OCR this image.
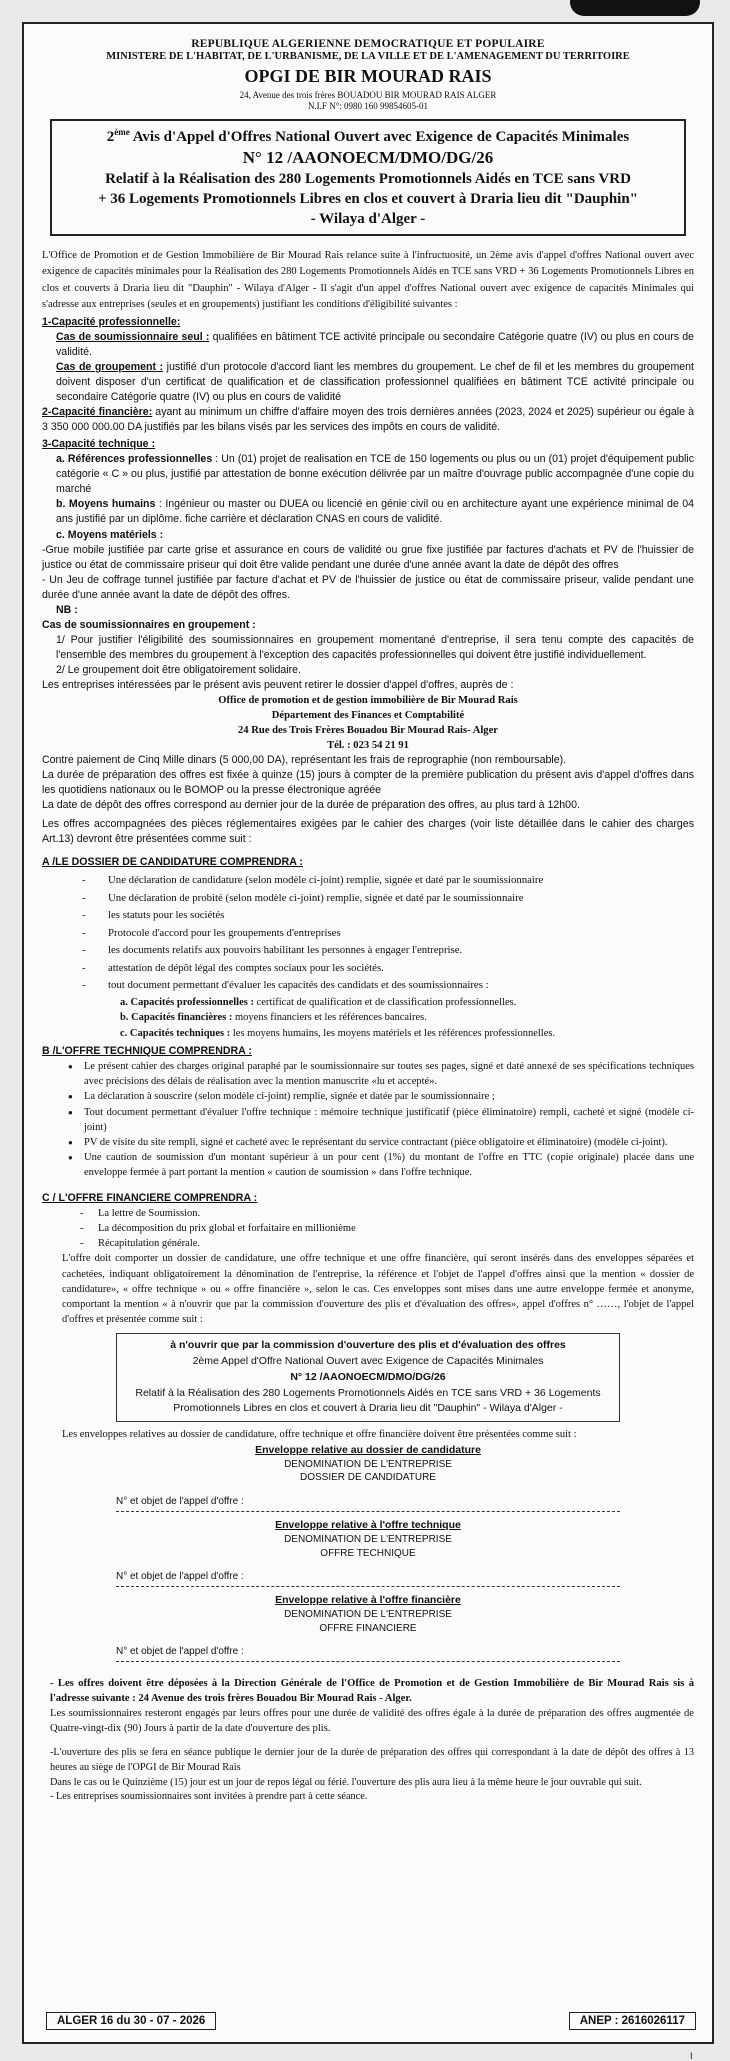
REPUBLIQUE ALGERIENNE DEMOCRATIQUE ET POPULAIRE
MINISTERE DE L'HABITAT, DE L'URBANISME, DE LA VILLE ET DE L'AMENAGEMENT DU TERRITOIRE
OPGI DE BIR MOURAD RAIS
24, Avenue des trois frères BOUADOU BIR MOURAD RAIS ALGER
N.I.F N°: 0980 160 99854605-01
2ème Avis d'Appel d'Offres National Ouvert avec Exigence de Capacités Minimales
N° 12 /AAONOECM/DMO/DG/26
Relatif à la Réalisation des 280 Logements Promotionnels Aidés en TCE sans VRD
+ 36 Logements Promotionnels Libres en clos et couvert à Draria lieu dit "Dauphin"
- Wilaya d'Alger -
L'Office de Promotion et de Gestion Immobilière de Bir Mourad Rais relance suite à l'infructuosité, un 2ème avis d'appel d'offres National ouvert avec exigence de capacités minimales pour la Réalisation des 280 Logements Promotionnels Aidés en TCE sans VRD + 36 Logements Promotionnels Libres en clos et couverts à Draria lieu dit "Dauphin" - Wilaya d'Alger - Il s'agit d'un appel d'offres National ouvert avec exigence de capacités Minimales qui s'adresse aux entreprises (seules et en groupements) justifiant les conditions d'éligibilité suivantes :
1-Capacité professionnelle:
Cas de soumissionnaire seul : qualifiées en bâtiment TCE activité principale ou secondaire Catégorie quatre (IV) ou plus en cours de validité.
Cas de groupement : justifié d'un protocole d'accord liant les membres du groupement. Le chef de fil et les membres du groupement doivent disposer d'un certificat de qualification et de classification professionnel qualifiées en bâtiment TCE activité principale ou secondaire Catégorie quatre (IV) ou plus en cours de validité
2-Capacité financière: ayant au minimum un chiffre d'affaire moyen des trois dernières années (2023, 2024 et 2025) supérieur ou égale à 3 350 000 000.00 DA justifiés par les bilans visés par les services des impôts en cours de validité.
3-Capacité technique :
a. Références professionnelles : Un (01) projet de realisation en TCE de 150 logements ou plus ou un (01) projet d'équipement public catégorie « C » ou plus, justifié par attestation de bonne exécution délivrée par un maître d'ouvrage public accompagnée d'une copie du marché
b. Moyens humains : Ingénieur ou master ou DUEA ou licencié en génie civil ou en architecture ayant une expérience minimal de 04 ans justifié par un diplôme. fiche carrière et déclaration CNAS en cours de validité.
c. Moyens matériels :
-Grue mobile justifiée par carte grise et assurance en cours de validité ou grue fixe justifiée par factures d'achats et PV de l'huissier de justice ou état de commissaire priseur qui doit être valide pendant une durée d'une année avant la date de dépôt des offres
- Un Jeu de coffrage tunnel justifiée par facture d'achat et PV de l'huissier de justice ou état de commissaire priseur, valide pendant une durée d'une année avant la date de dépôt des offres.
NB :
Cas de soumissionnaires en groupement :
1/ Pour justifier l'éligibilité des soumissionnaires en groupement momentané d'entreprise, il sera tenu compte des capacités de l'ensemble des membres du groupement à l'exception des capacités professionnelles qui doivent être justifié individuellement.
2/ Le groupement doit être obligatoirement solidaire.
Les entreprises intéressées par le présent avis peuvent retirer le dossier d'appel d'offres, auprès de :
Office de promotion et de gestion immobilière de Bir Mourad Rais
Département des Finances et Comptabilité
24 Rue des Trois Frères Bouadou Bir Mourad Rais- Alger
Tél. : 023 54 21 91
Contre paiement de Cinq Mille dinars (5 000,00 DA), représentant les frais de reprographie (non remboursable).
La durée de préparation des offres est fixée à quinze (15) jours à compter de la première publication du présent avis d'appel d'offres dans les quotidiens nationaux ou le BOMOP ou la presse électronique agréée
La date de dépôt des offres correspond au dernier jour de la durée de préparation des offres, au plus tard à 12h00.
Les offres accompagnées des pièces réglementaires exigées par le cahier des charges (voir liste détaillée dans le cahier des charges Art.13) devront être présentées comme suit :
A /LE DOSSIER DE CANDIDATURE COMPRENDRA :
- Une déclaration de candidature (selon modèle ci-joint) remplie, signée et daté par le soumissionnaire
- Une déclaration de probité (selon modèle ci-joint) remplie, signée et daté par le soumissionnaire
- les statuts pour les sociétés
- Protocole d'accord pour les groupements d'entreprises
- les documents relatifs aux pouvoirs habilitant les personnes à engager l'entreprise.
- attestation de dépôt légal des comptes sociaux pour les sociétés.
- tout document permettant d'évaluer les capacités des candidats et des soumissionnaires :
a. Capacités professionnelles : certificat de qualification et de classification professionnelles.
b. Capacités financières : moyens financiers et les références bancaires.
c. Capacités techniques : les moyens humains, les moyens matériels et les références professionnelles.
B /L'OFFRE TECHNIQUE COMPRENDRA :
● Le présent cahier des charges original paraphé par le soumissionnaire sur toutes ses pages, signé et daté annexé de ses spécifications techniques avec précisions des délais de réalisation avec la mention manuscrite «lu et accepté».
● La déclaration à souscrire (selon modèle ci-joint) remplie, signée et datée par le soumissionnaire ;
● Tout document permettant d'évaluer l'offre technique : mémoire technique justificatif (pièce éliminatoire) rempli, cacheté et signé (modèle ci-joint)
● PV de visite du site rempli, signé et cacheté avec le représentant du service contractant (pièce obligatoire et éliminatoire) (modèle ci-joint).
● Une caution de soumission d'un montant supérieur à un pour cent (1%) du montant de l'offre en TTC (copie originale) placée dans une enveloppe fermée à part portant la mention « caution de soumission » dans l'offre technique.
C / L'OFFRE FINANCIERE COMPRENDRA :
- La lettre de Soumission.
- La décomposition du prix global et forfaitaire en millionième
- Récapitulation générale.
L'offre doit comporter un dossier de candidature, une offre technique et une offre financière, qui seront insérés dans des enveloppes séparées et cachetées, indiquant obligatoirement la dénomination de l'entreprise, la référence et l'objet de l'appel d'offres ainsi que la mention « dossier de candidature», « offre technique » ou « offre financière », selon le cas. Ces enveloppes sont mises dans une autre enveloppe fermée et anonyme, comportant la mention « à n'ouvrir que par la commission d'ouverture des plis et d'évaluation des offres», appel d'offres n° ……, l'objet de l'appel d'offres et présentée comme suit :
à n'ouvrir que par la commission d'ouverture des plis et d'évaluation des offres
2ème Appel d'Offre National Ouvert avec Exigence de Capacités Minimales
N° 12 /AAONOECM/DMO/DG/26
Relatif à la Réalisation des 280 Logements Promotionnels Aidés en TCE sans VRD + 36 Logements Promotionnels Libres en clos et couvert à Draria lieu dit "Dauphin" - Wilaya d'Alger -
Les enveloppes relatives au dossier de candidature, offre technique et offre financière doivent être présentées comme suit :
Enveloppe relative au dossier de candidature
DENOMINATION DE L'ENTREPRISE
DOSSIER DE CANDIDATURE
N° et objet de l'appel d'offre :
Enveloppe relative à l'offre technique
DENOMINATION DE L'ENTREPRISE
OFFRE TECHNIQUE
N° et objet de l'appel d'offre :
Enveloppe relative à l'offre financière
DENOMINATION DE L'ENTREPRISE
OFFRE FINANCIERE
N° et objet de l'appel d'offre :
- Les offres doivent être déposées à la Direction Générale de l'Office de Promotion et de Gestion Immobilière de Bir Mourad Rais sis à l'adresse suivante : 24 Avenue des trois frères Bouadou Bir Mourad Rais - Alger.
Les soumissionnaires resteront engagés par leurs offres pour une durée de validité des offres égale à la durée de préparation des offres augmentée de Quatre-vingt-dix (90) Jours à partir de la date d'ouverture des plis.
-L'ouverture des plis se fera en séance publique le dernier jour de la durée de préparation des offres qui correspondant à la date de dépôt des offres à 13 heures au siège de l'OPGI de Bir Mourad Rais
Dans le cas ou le Quinzième (15) jour est un jour de repos légal ou férié. l'ouverture des plis aura lieu à la même heure le jour ouvrable qui suit.
- Les entreprises soumissionnaires sont invitées à prendre part à cette séance.
ALGER 16 du 30 - 07 - 2026	ANEP : 2616026117
I
